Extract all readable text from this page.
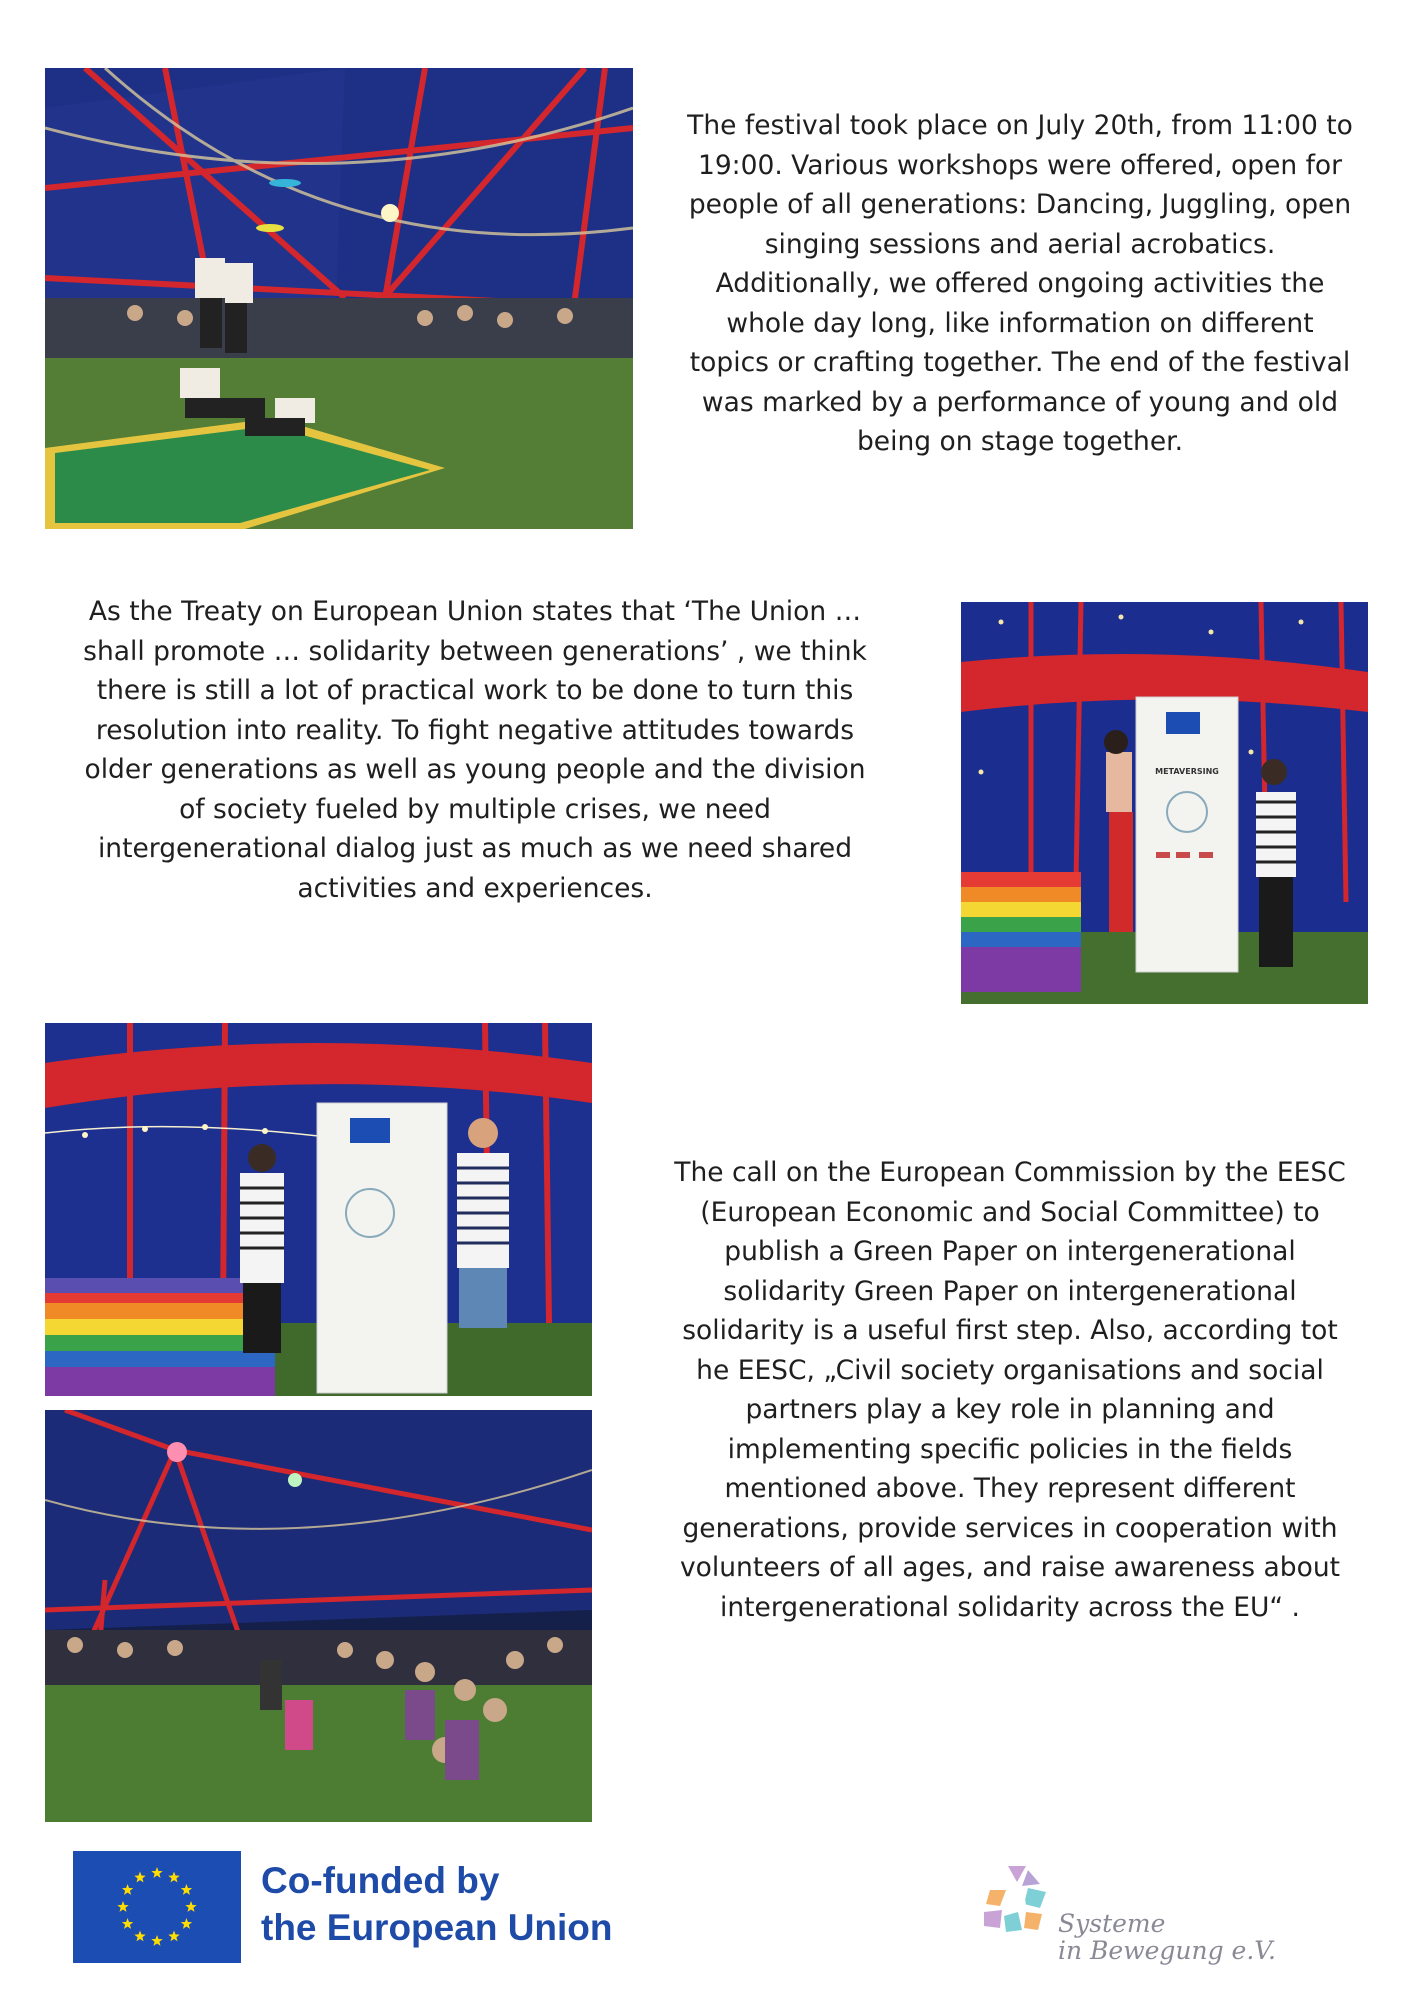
The festival took place on July 20th, from 11:00 to
19:00. Various workshops were offered, open for
people of all generations: Dancing, Juggling, open
singing sessions and aerial acrobatics.
Additionally, we offered ongoing activities the
whole day long, like information on different
topics or crafting together. The end of the festival
was marked by a performance of young and old
being on stage together.

As the Treaty on European Union states that ‘The Union …
shall promote … solidarity between generations’ , we think
there is still a lot of practical work to be done to turn this
resolution into reality. To fight negative attitudes towards
older generations as well as young people and the division
of society fueled by multiple crises, we need
intergenerational dialog just as much as we need shared
activities and experiences.

METAVERSING

The call on the European Commission by the EESC
(European Economic and Social Committee) to
publish a Green Paper on intergenerational
solidarity Green Paper on intergenerational
solidarity is a useful first step. Also, according tot
he EESC, „Civil society organisations and social
partners play a key role in planning and
implementing specific policies in the fields
mentioned above. They represent different
generations, provide services in cooperation with
volunteers of all ages, and raise awareness about
intergenerational solidarity across the EU“ .

Co-funded by
the European Union	Systeme
in Bewegung e.V.
